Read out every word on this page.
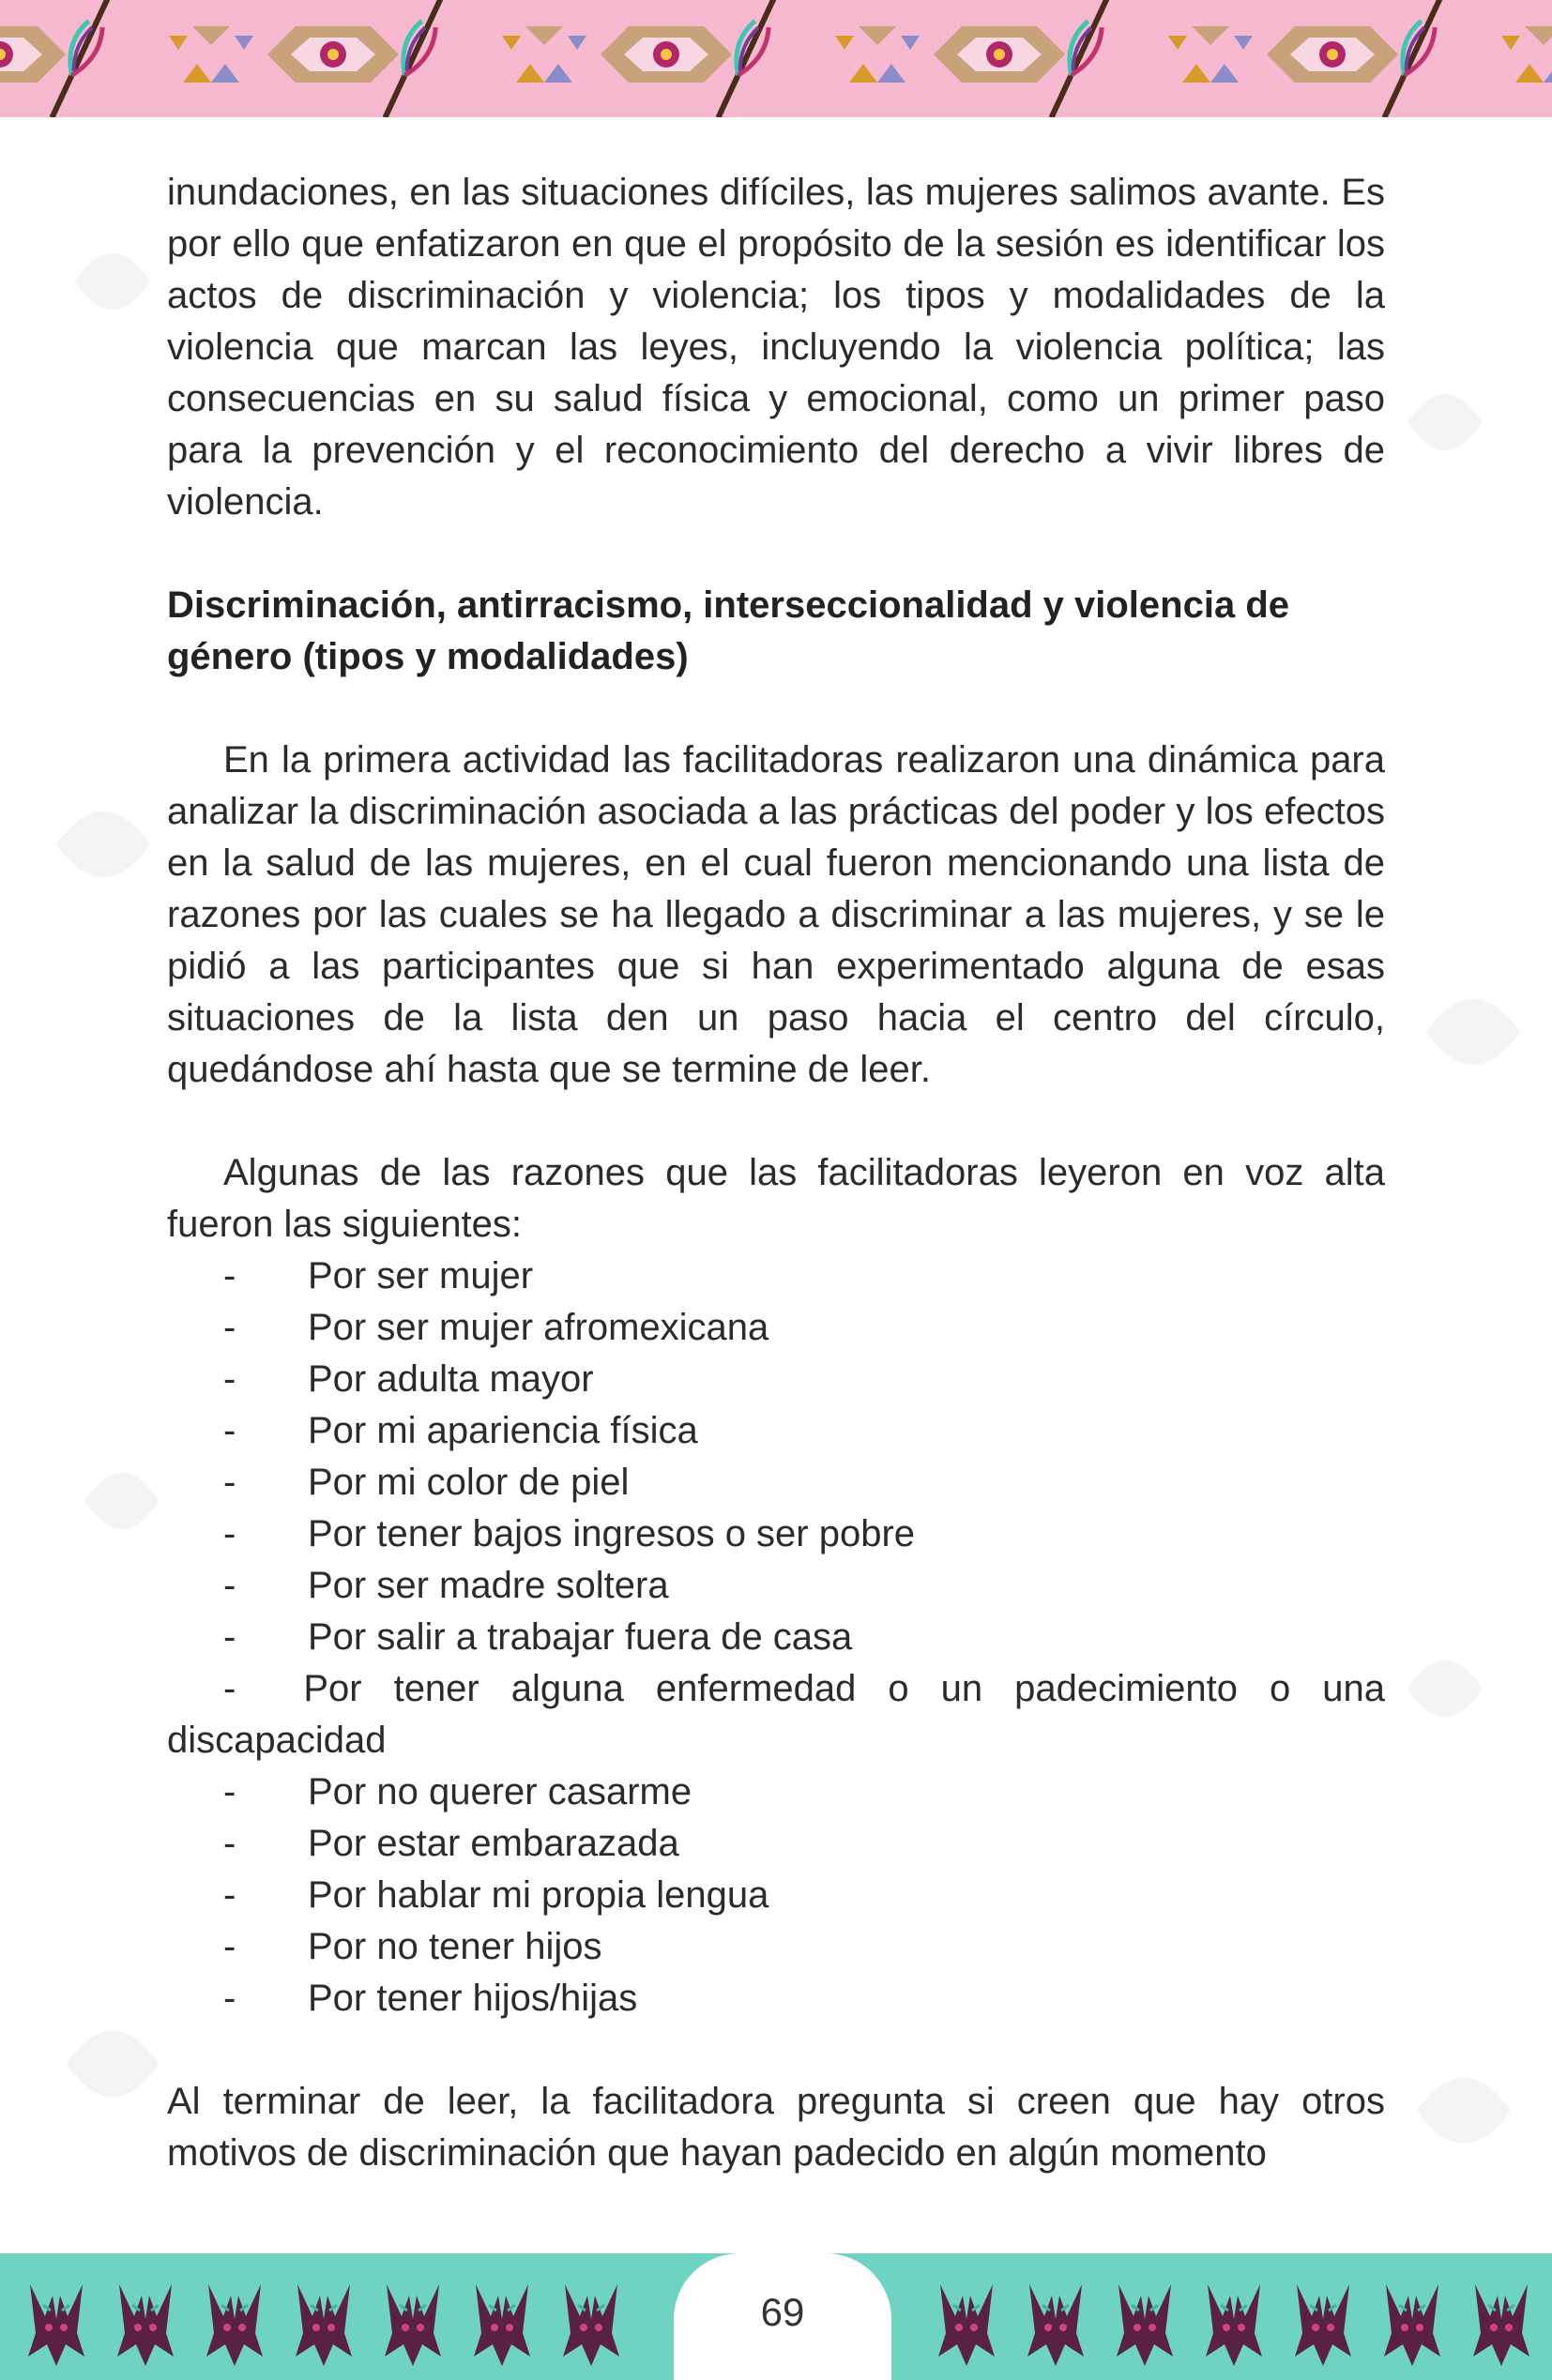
inundaciones, en las situaciones difíciles, las mujeres salimos avante. Es por ello que enfatizaron en que el propósito de la sesión es identificar los actos de discriminación y violencia; los tipos y modalidades de la violencia que marcan las leyes, incluyendo la violencia política; las consecuencias en su salud física y emocional, como un primer paso para la prevención y el reconocimiento del derecho a vivir libres de violencia.

Discriminación, antirracismo, interseccionalidad y violencia de género (tipos y modalidades)

En la primera actividad las facilitadoras realizaron una dinámica para analizar la discriminación asociada a las prácticas del poder y los efectos en la salud de las mujeres, en el cual fueron mencionando una lista de razones por las cuales se ha llegado a discriminar a las mujeres, y se le pidió a las participantes que si han experimentado alguna de esas situaciones de la lista den un paso hacia el centro del círculo, quedándose ahí hasta que se termine de leer.

Algunas de las razones que las facilitadoras leyeron en voz alta fueron las siguientes:

- Por ser mujer
- Por ser mujer afromexicana
- Por adulta mayor
- Por mi apariencia física
- Por mi color de piel
- Por tener bajos ingresos o ser pobre
- Por ser madre soltera
- Por salir a trabajar fuera de casa
- Por tener alguna enfermedad o un padecimiento o una discapacidad
- Por no querer casarme
- Por estar embarazada
- Por hablar mi propia lengua
- Por no tener hijos
- Por tener hijos/hijas

Al terminar de leer, la facilitadora pregunta si creen que hay otros motivos de discriminación que hayan padecido en algún momento

69
